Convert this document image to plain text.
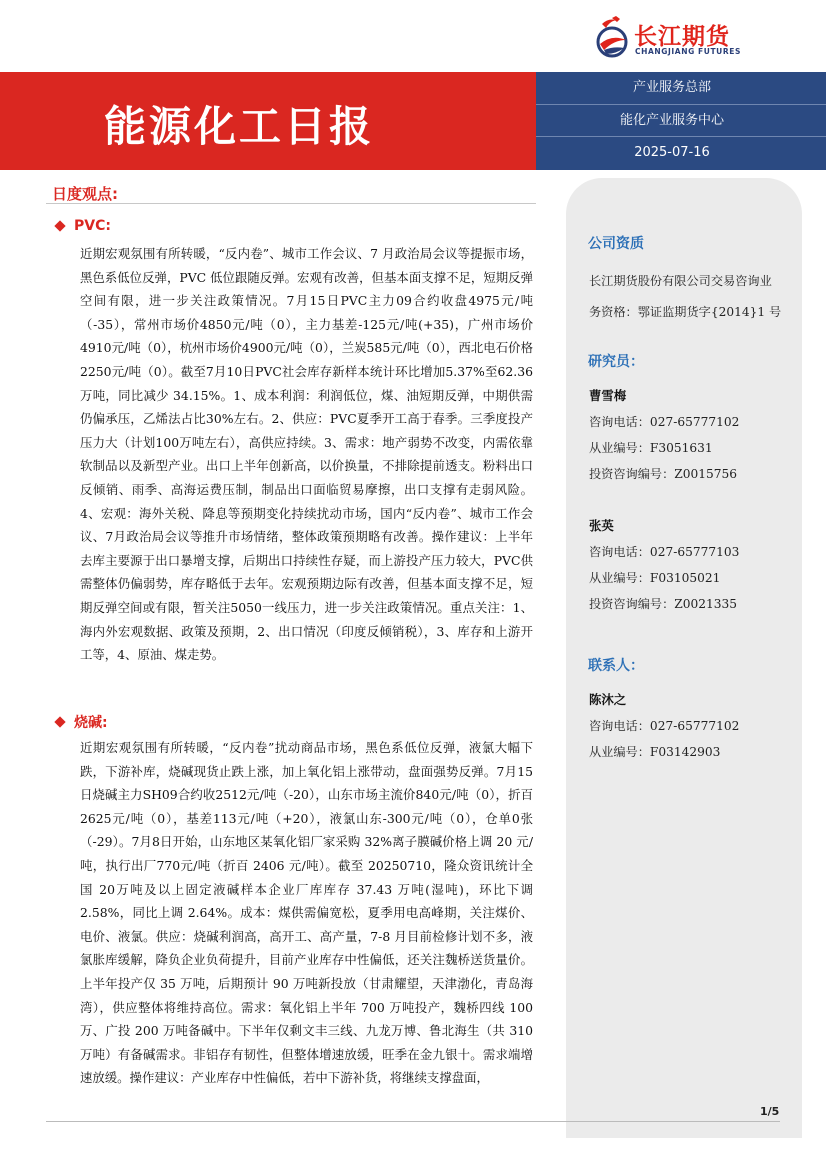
长江期货
CHANGJIANG FUTURES
能源化工日报
产业服务总部
能化产业服务中心
2025-07-16
日度观点:
PVC:
近期宏观氛围有所转暖，“反内卷”、城市工作会议、7 月政治局会议等提振市场，黑色系低位反弹，PVC 低位跟随反弹。宏观有改善，但基本面支撑不足，短期反弹空间有限，进一步关注政策情况。7月15日PVC主力09合约收盘4975元/吨（-35），常州市场价4850元/吨（0），主力基差-125元/吨(+35)，广州市场价4910元/吨（0），杭州市场价4900元/吨（0），兰炭585元/吨（0），西北电石价格2250元/吨（0）。截至7月10日PVC社会库存新样本统计环比增加5.37%至62.36万吨，同比减少 34.15%。1、成本利润：利润低位，煤、油短期反弹，中期供需仍偏承压，乙烯法占比30%左右。2、供应：PVC夏季开工高于春季。三季度投产压力大（计划100万吨左右），高供应持续。3、需求：地产弱势不改变，内需依靠软制品以及新型产业。出口上半年创新高，以价换量，不排除提前透支。粉料出口反倾销、雨季、高海运费压制，制品出口面临贸易摩擦，出口支撑有走弱风险。4、宏观：海外关税、降息等预期变化持续扰动市场，国内“反内卷”、城市工作会议、7月政治局会议等推升市场情绪，整体政策预期略有改善。操作建议：上半年去库主要源于出口暴增支撑，后期出口持续性存疑，而上游投产压力较大，PVC供需整体仍偏弱势，库存略低于去年。宏观预期边际有改善，但基本面支撑不足，短期反弹空间或有限，暂关注5050一线压力，进一步关注政策情况。重点关注：1、海内外宏观数据、政策及预期，2、出口情况（印度反倾销税），3、库存和上游开工等，4、原油、煤走势。
烧碱:
近期宏观氛围有所转暖，“反内卷”扰动商品市场，黑色系低位反弹，液氯大幅下跌，下游补库，烧碱现货止跌上涨，加上氧化铝上涨带动，盘面强势反弹。7月15日烧碱主力SH09合约收2512元/吨（-20），山东市场主流价840元/吨（0），折百2625元/吨（0），基差113元/吨（+20），液氯山东-300元/吨（0），仓单0张（-29）。7月8日开始，山东地区某氧化铝厂家采购 32%离子膜碱价格上调 20 元/吨，执行出厂770元/吨（折百 2406 元/吨）。截至 20250710，隆众资讯统计全国 20万吨及以上固定液碱样本企业厂库库存 37.43 万吨(湿吨)，环比下调2.58%，同比上调 2.64%。成本：煤供需偏宽松，夏季用电高峰期，关注煤价、电价、液氯。供应：烧碱利润高，高开工、高产量，7-8 月目前检修计划不多，液氯胀库缓解，降负企业负荷提升，目前产业库存中性偏低，还关注魏桥送货量价。上半年投产仅 35 万吨，后期预计 90 万吨新投放（甘肃耀望，天津渤化，青岛海湾），供应整体将维持高位。需求：氧化铝上半年 700 万吨投产，魏桥四线 100 万、广投 200 万吨备碱中。下半年仅剩文丰三线、九龙万博、鲁北海生（共 310 万吨）有备碱需求。非铝存有韧性，但整体增速放缓，旺季在金九银十。需求端增速放缓。操作建议：产业库存中性偏低，若中下游补货，将继续支撑盘面，
公司资质
长江期货股份有限公司交易咨询业
务资格：鄂证监期货字{2014}1 号
研究员：
曹雪梅
咨询电话：027-65777102
从业编号：F3051631
投资咨询编号：Z0015756
张英
咨询电话：027-65777103
从业编号：F03105021
投资咨询编号：Z0021335
联系人：
陈沐之
咨询电话：027-65777102
从业编号：F03142903
1/5
